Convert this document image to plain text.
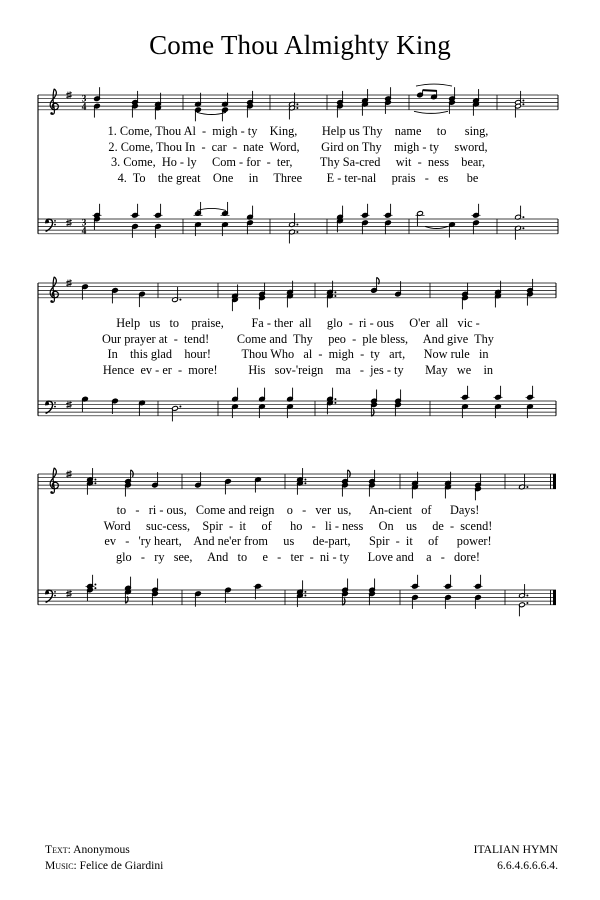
Come Thou Almighty King
3
4
3
4
1. Come, Thou Al  -  migh - ty    King,        Help us Thy    name     to      sing,
2. Come, Thou In  -  car  -  nate  Word,       Gird on Thy    migh - ty     sword,
3. Come,  Ho - ly     Com - for  -  ter,         Thy Sa-cred     wit  -  ness    bear,
4.  To    the great    One     in     Three        E - ter-nal     prais   -   es      be
Help   us   to    praise,         Fa - ther  all     glo  -  ri - ous     O'er  all   vic -
Our prayer at  -  tend!         Come and  Thy     peo  -  ple bless,     And give  Thy
In    this glad    hour!          Thou Who   al  -  migh  -  ty   art,      Now rule   in
Hence  ev - er  -  more!          His   sov-'reign    ma   -  jes - ty       May   we    in
to   -   ri - ous,   Come and reign    o   -   ver  us,      An-cient   of      Days!
Word     suc-cess,    Spir  -  it     of      ho   -   li - ness     On    us     de  -  scend!
ev   -   'ry heart,    And ne'er from     us      de-part,      Spir  -  it     of      power!
glo   -   ry   see,     And   to     e   -   ter  -  ni - ty      Love and    a   -   dore!
Text: Anonymous
Music: Felice de Giardini
ITALIAN HYMN
6.6.4.6.6.6.4.
